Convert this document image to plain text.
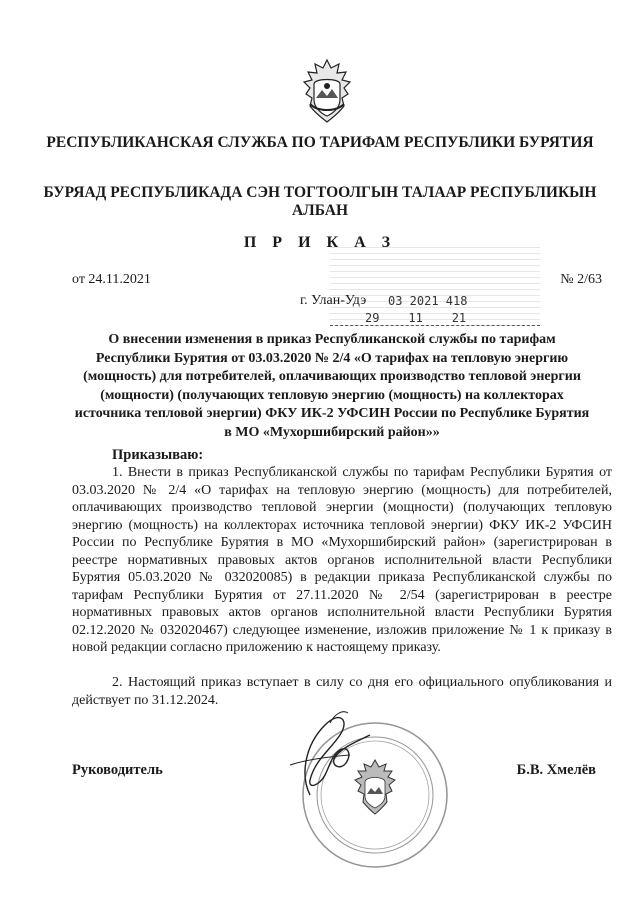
РЕСПУБЛИКАНСКАЯ СЛУЖБА ПО ТАРИФАМ РЕСПУБЛИКИ БУРЯТИЯ
БУРЯАД РЕСПУБЛИКАДА СЭН ТОГТООЛГЫН ТАЛААР РЕСПУБЛИКЫН АЛБАН
П Р И К А З
от 24.11.2021	№ 2/63
г. Улан-Удэ 03 2021 418
29    11    21
О внесении изменения в приказ Республиканской службы по тарифам Республики Бурятия от 03.03.2020 № 2/4 «О тарифах на тепловую энергию (мощность) для потребителей, оплачивающих производство тепловой энергии (мощности) (получающих тепловую энергию (мощность) на коллекторах источника тепловой энергии) ФКУ ИК-2 УФСИН России по Республике Бурятия в МО «Мухоршибирский район»»
Приказываю:
1. Внести в приказ Республиканской службы по тарифам Республики Бурятия от 03.03.2020 № 2/4 «О тарифах на тепловую энергию (мощность) для потребителей, оплачивающих производство тепловой энергии (мощности) (получающих тепловую энергию (мощность) на коллекторах источника тепловой энергии) ФКУ ИК-2 УФСИН России по Республике Бурятия в МО «Мухоршибирский район» (зарегистрирован в реестре нормативных правовых актов органов исполнительной власти Республики Бурятия 05.03.2020 № 032020085) в редакции приказа Республиканской службы по тарифам Республики Бурятия от 27.11.2020 № 2/54 (зарегистрирован в реестре нормативных правовых актов органов исполнительной власти Республики Бурятия 02.12.2020 № 032020467) следующее изменение, изложив приложение № 1 к приказу в новой редакции согласно приложению к настоящему приказу.
2. Настоящий приказ вступает в силу со дня его официального опубликования и действует по 31.12.2024.
Руководитель	Б.В. Хмелёв
